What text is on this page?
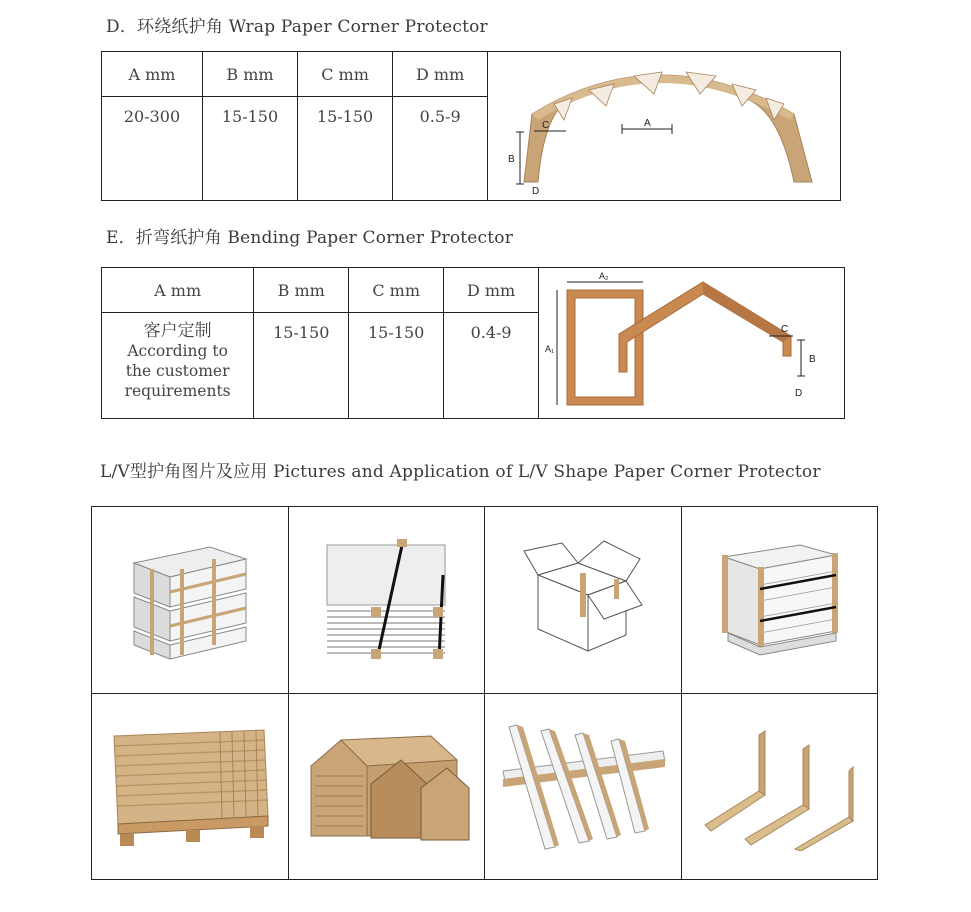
D．环绕纸护角 Wrap Paper Corner Protector
A mm	B mm	C mm	D mm	A
C
B
D

20-300	15-150	15-150	0.5-9	
E．折弯纸护角 Bending Paper Corner Protector
A mm	B mm	C mm	D mm	A₂
A₁
C
B
D

客户定制
According to
the customer
requirements	15-150	15-150	0.4-9	
L/V型护角图片及应用 Pictures and Application of L/V Shape Paper Corner Protector
